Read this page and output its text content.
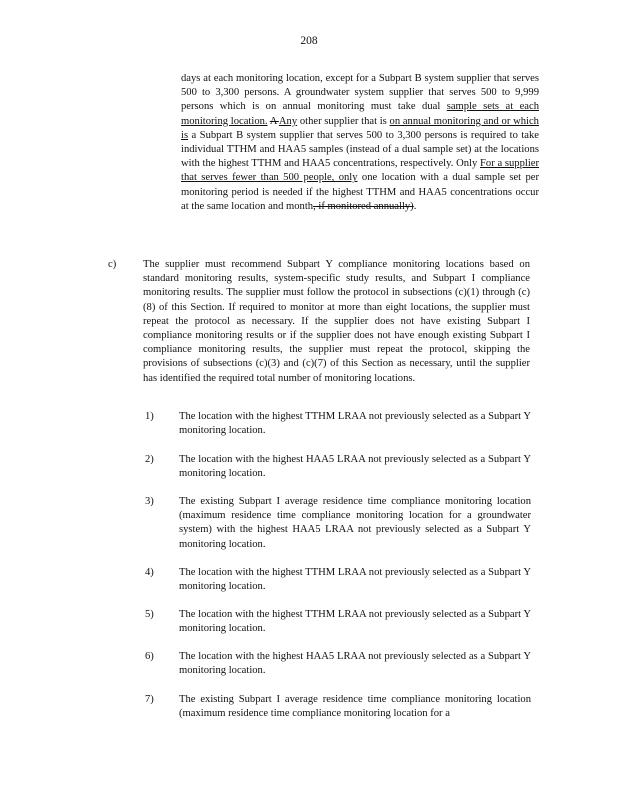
208

days at each monitoring location, except for a Subpart B system supplier that serves 500 to 3,300 persons. A groundwater system supplier that serves 500 to 9,999 persons which is on annual monitoring must take dual sample sets at each monitoring location. A Any other supplier that is on annual monitoring and or which is a Subpart B system supplier that serves 500 to 3,300 persons is required to take individual TTHM and HAA5 samples (instead of a dual sample set) at the locations with the highest TTHM and HAA5 concentrations, respectively. Only For a supplier that serves fewer than 500 people, only one location with a dual sample set per monitoring period is needed if the highest TTHM and HAA5 concentrations occur at the same location and month, if monitored annually).

c)	The supplier must recommend Subpart Y compliance monitoring locations based on standard monitoring results, system-specific study results, and Subpart I compliance monitoring results. The supplier must follow the protocol in subsections (c)(1) through (c)(8) of this Section. If required to monitor at more than eight locations, the supplier must repeat the protocol as necessary. If the supplier does not have existing Subpart I compliance monitoring results or if the supplier does not have enough existing Subpart I compliance monitoring results, the supplier must repeat the protocol, skipping the provisions of subsections (c)(3) and (c)(7) of this Section as necessary, until the supplier has identified the required total number of monitoring locations.
1) The location with the highest TTHM LRAA not previously selected as a Subpart Y monitoring location.
2) The location with the highest HAA5 LRAA not previously selected as a Subpart Y monitoring location.
3) The existing Subpart I average residence time compliance monitoring location (maximum residence time compliance monitoring location for a groundwater system) with the highest HAA5 LRAA not previously selected as a Subpart Y monitoring location.
4) The location with the highest TTHM LRAA not previously selected as a Subpart Y monitoring location.
5) The location with the highest TTHM LRAA not previously selected as a Subpart Y monitoring location.
6) The location with the highest HAA5 LRAA not previously selected as a Subpart Y monitoring location.
7) The existing Subpart I average residence time compliance monitoring location (maximum residence time compliance monitoring location for a
